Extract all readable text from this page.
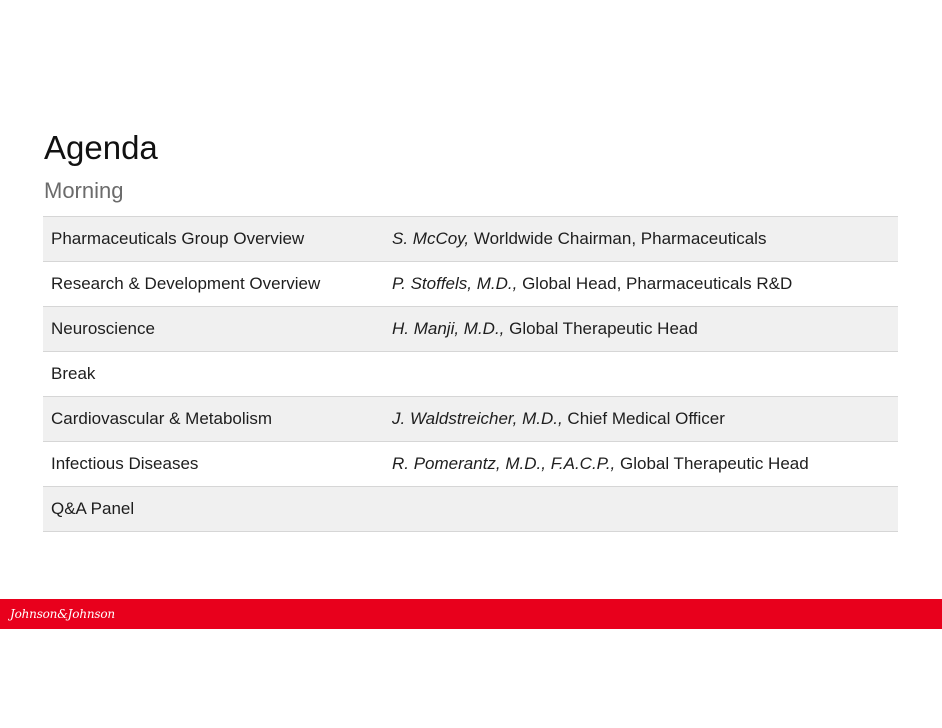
Agenda
Morning
Pharmaceuticals Group Overview	S. McCoy, Worldwide Chairman, Pharmaceuticals
Research & Development Overview	P. Stoffels, M.D., Global Head, Pharmaceuticals R&D
Neuroscience	H. Manji, M.D., Global Therapeutic Head
Break
Cardiovascular & Metabolism	J. Waldstreicher, M.D., Chief Medical Officer
Infectious Diseases	R. Pomerantz, M.D., F.A.C.P., Global Therapeutic Head
Q&A Panel
Johnson&Johnson
